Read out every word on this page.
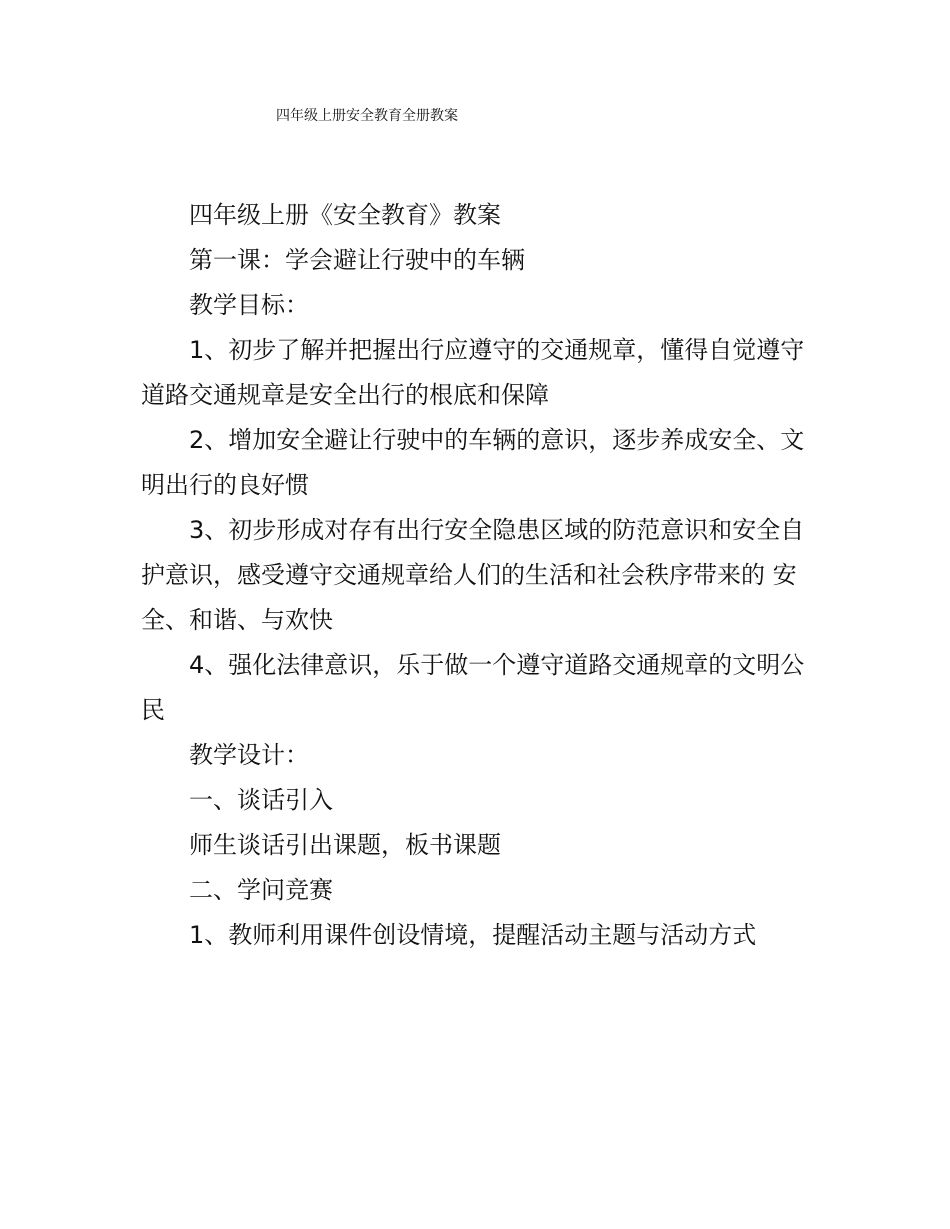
四年级上册安全教育全册教案

四年级上册《安全教育》教案

第一课：学会避让行驶中的车辆

教学目标：

1、初步了解并把握出行应遵守的交通规章，懂得自觉遵守道路交通规章是安全出行的根底和保障

2、增加安全避让行驶中的车辆的意识，逐步养成安全、文明出行的良好惯

3、初步形成对存有出行安全隐患区域的防范意识和安全自护意识，感受遵守交通规章给人们的生活和社会秩序带来的 安全、和谐、与欢快

4、强化法律意识，乐于做一个遵守道路交通规章的文明公民

教学设计：

一、谈话引入

师生谈话引出课题，板书课题

二、学问竞赛

1、教师利用课件创设情境，提醒活动主题与活动方式
